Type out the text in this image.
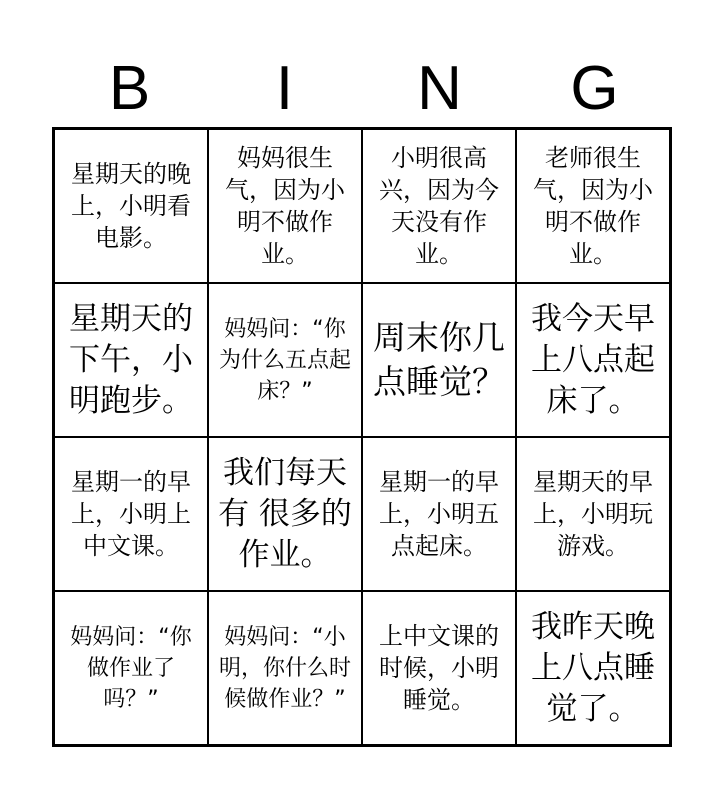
B	I	N	G
星期天的晚上，小明看电影。
妈妈很生气，因为小明不做作业。
小明很高兴，因为今天没有作业。
老师很生气，因为小明不做作业。
星期天的下午，小明跑步。
妈妈问：“你为什么五点起床？”
周末你几点睡觉？
我今天早上八点起床了。
星期一的早上，小明上中文课。
我们每天有 很多的作业。
星期一的早上，小明五点起床。
星期天的早上，小明玩游戏。
妈妈问：“你做作业了吗？”
妈妈问：“小明，你什么时候做作业？”
上中文课的时候，小明睡觉。
我昨天晚上八点睡觉了。
